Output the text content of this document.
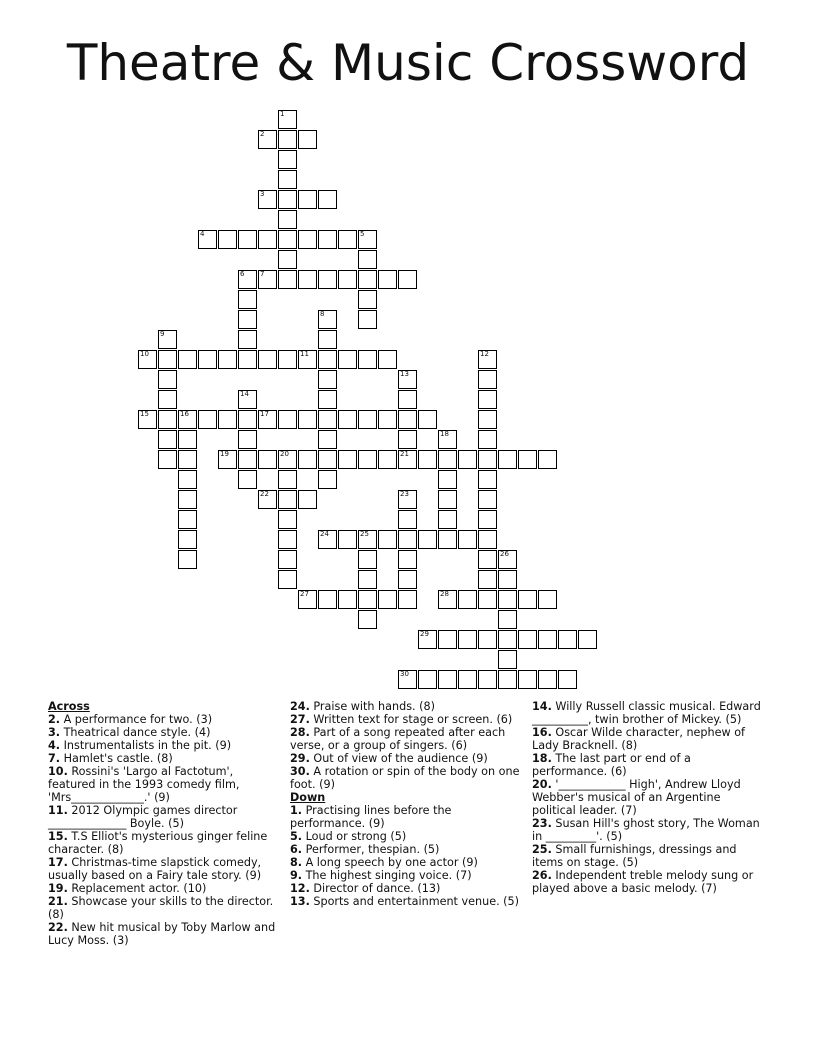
Theatre & Music Crossword
1
2
3
4	5
6 7
8
9
10	11	12
13
21
14
15	16	17
18
19	20
22	23
24	25
26
27	28
29
30

Across

2. A performance for two. (3)

3. Theatrical dance style. (4)

4. Instrumentalists in the pit. (9)

7. Hamlet's castle. (8)

10. Rossini's 'Largo al Factotum', featured in the 1993 comedy film, 'Mrs_____________.' (9)

11. 2012 Olympic games director ______________ Boyle. (5)

15. T.S Elliot's mysterious ginger feline character. (8)

17. Christmas-time slapstick comedy, usually based on a Fairy tale story. (9)

19. Replacement actor. (10)

21. Showcase your skills to the director. (8)

22. New hit musical by Toby Marlow and Lucy Moss. (3)

24. Praise with hands. (8)

27. Written text for stage or screen. (6)

28. Part of a song repeated after each verse, or a group of singers. (6)

29. Out of view of the audience (9)

30. A rotation or spin of the body on one foot. (9)

Down

1. Practising lines before the performance. (9)

5. Loud or strong (5)

6. Performer, thespian. (5)

8. A long speech by one actor (9)

9. The highest singing voice. (7)

12. Director of dance. (13)

13. Sports and entertainment venue. (5)

14. Willy Russell classic musical. Edward __________, twin brother of Mickey. (5)

16. Oscar Wilde character, nephew of Lady Bracknell. (8)

18. The last part or end of a performance. (6)

20. '____________ High', Andrew Lloyd Webber's musical of an Argentine political leader. (7)

23. Susan Hill's ghost story, The Woman in _________'. (5)

25. Small furnishings, dressings and items on stage. (5)

26. Independent treble melody sung or played above a basic melody. (7)
